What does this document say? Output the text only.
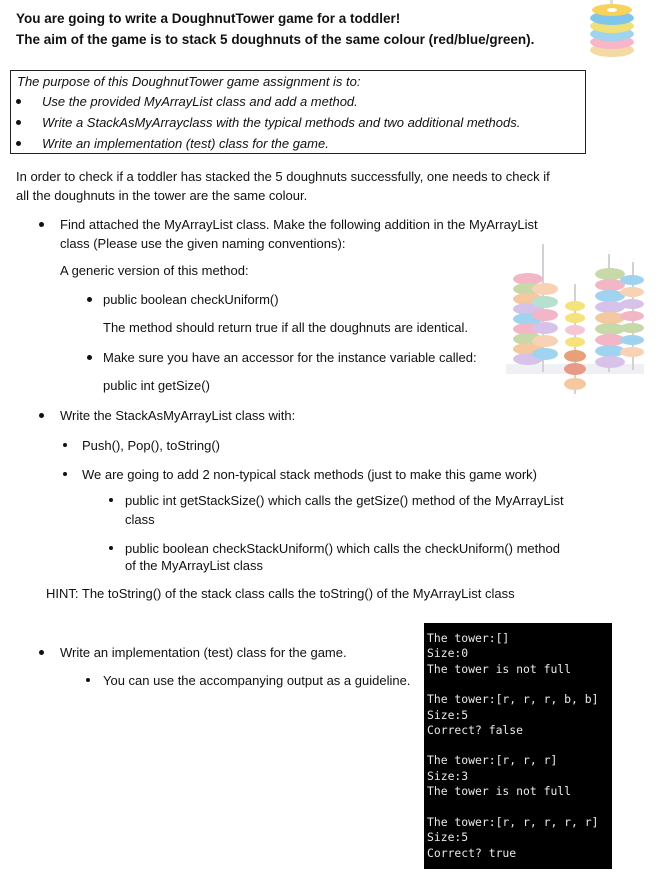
You are going to write a DoughnutTower game for a toddler!
The aim of the game is to stack 5 doughnuts of the same colour (red/blue/green).
The purpose of this DoughnutTower game assignment is to:
Use the provided MyArrayList class and add a method.
Write a StackAsMyArrayclass with the typical methods and two additional methods.
Write an implementation (test) class for the game.
In order to check if a toddler has stacked the 5 doughnuts successfully, one needs to check if
all the doughnuts in the tower are the same colour.
Find attached the MyArrayList class. Make the following addition in the MyArrayList
class (Please use the given naming conventions):
A generic version of this method:
public boolean checkUniform()
The method should return true if all the doughnuts are identical.
Make sure you have an accessor for the instance variable called:
public int getSize()
Write the StackAsMyArrayList class with:
Push(), Pop(), toString()
We are going to add 2 non-typical stack methods (just to make this game work)
public int getStackSize() which calls the getSize() method of the MyArrayList
class
public boolean checkStackUniform() which calls the checkUniform() method
of the MyArrayList class
HINT: The toString() of the stack class calls the toString() of the MyArrayList class
Write an implementation (test) class for the game.
You can use the accompanying output as a guideline.
The tower:[]
Size:0
The tower is not full
The tower:[r, r, r, b, b]
Size:5
Correct? false
The tower:[r, r, r]
Size:3
The tower is not full
The tower:[r, r, r, r, r]
Size:5
Correct? true
